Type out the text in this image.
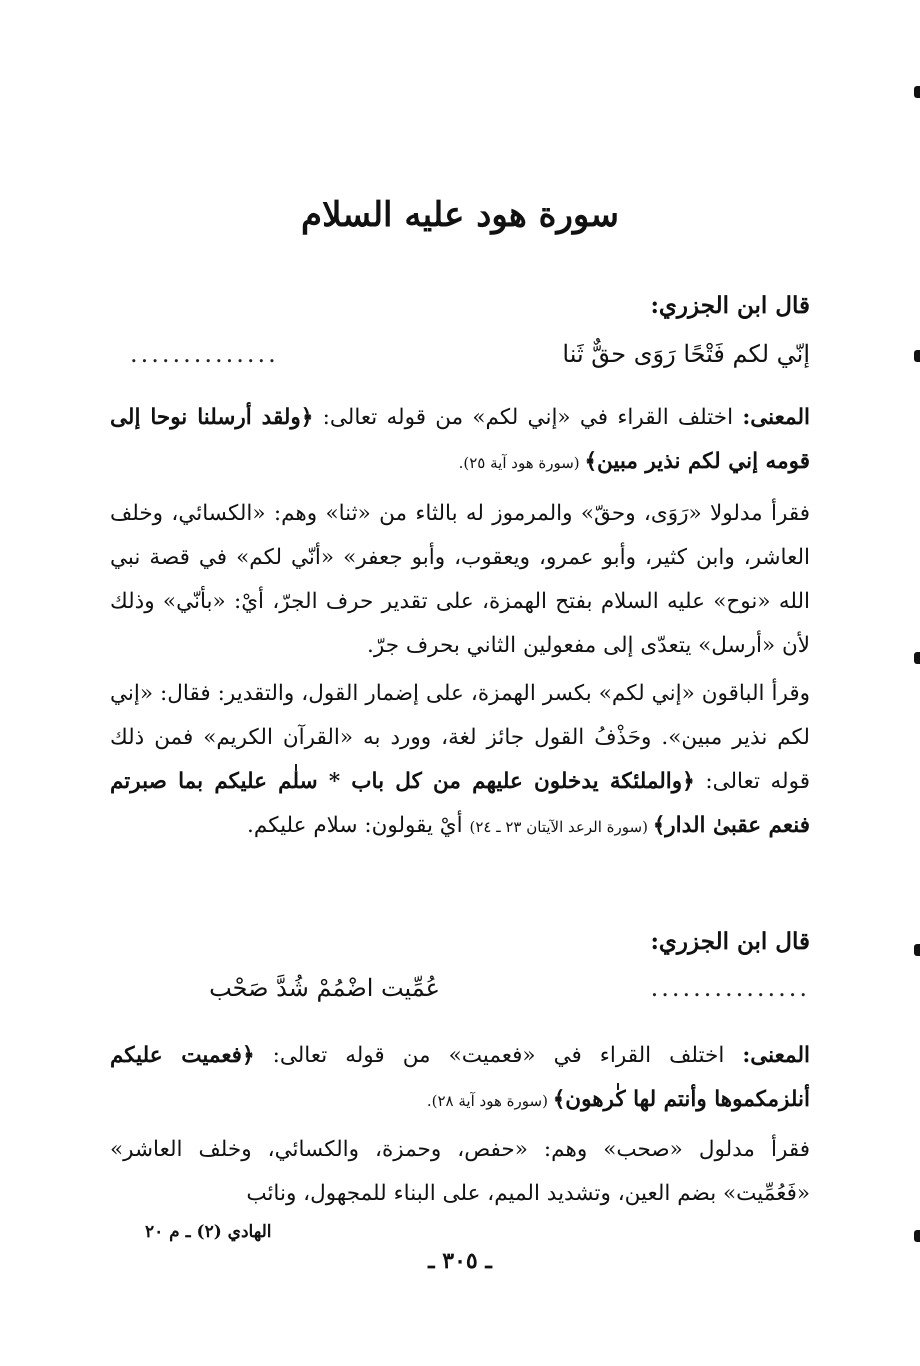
سورة هود عليه السلام
قال ابن الجزري:
إنّي لكم فَتْحًا رَوَى حقٌّ ثَنا
..............

المعنى: اختلف القراء في «إني لكم» من قوله تعالى: ﴿ولقد أرسلنا نوحا إلى قومه إني لكم نذير مبين﴾ (سورة هود آية ٢٥).

فقرأ مدلولا «رَوَى، وحقّ» والمرموز له بالثاء من «ثنا» وهم: «الكسائي، وخلف العاشر، وابن كثير، وأبو عمرو، ويعقوب، وأبو جعفر» «أنّي لكم» في قصة نبي الله «نوح» عليه السلام بفتح الهمزة، على تقدير حرف الجرّ، أيْ: «بأنّي» وذلك لأن «أرسل» يتعدّى إلى مفعولين الثاني بحرف جرّ.

وقرأ الباقون «إني لكم» بكسر الهمزة، على إضمار القول، والتقدير: فقال: «إني لكم نذير مبين». وحَذْفُ القول جائز لغة، وورد به «القرآن الكريم» فمن ذلك قوله تعالى: ﴿والملئكة يدخلون عليهم من كل باب * سلٰم عليكم بما صبرتم فنعم عقبىٰ الدار﴾ (سورة الرعد الآيتان ٢٣ ـ ٢٤) أيْ يقولون: سلام عليكم.

قال ابن الجزري:
عُمِّيت اضْمُمْ شُدَّ صَحْب	...............

المعنى: اختلف القراء في «فعميت» من قوله تعالى: ﴿فعميت عليكم أنلزمكموها وأنتم لها كٰرهون﴾ (سورة هود آية ٢٨).

فقرأ مدلول «صحب» وهم: «حفص، وحمزة، والكسائي، وخلف العاشر» «فَعُمِّيت» بضم العين، وتشديد الميم، على البناء للمجهول، ونائب

الهادي (٢) ـ م ٢٠
ـ ٣٠٥ ـ
